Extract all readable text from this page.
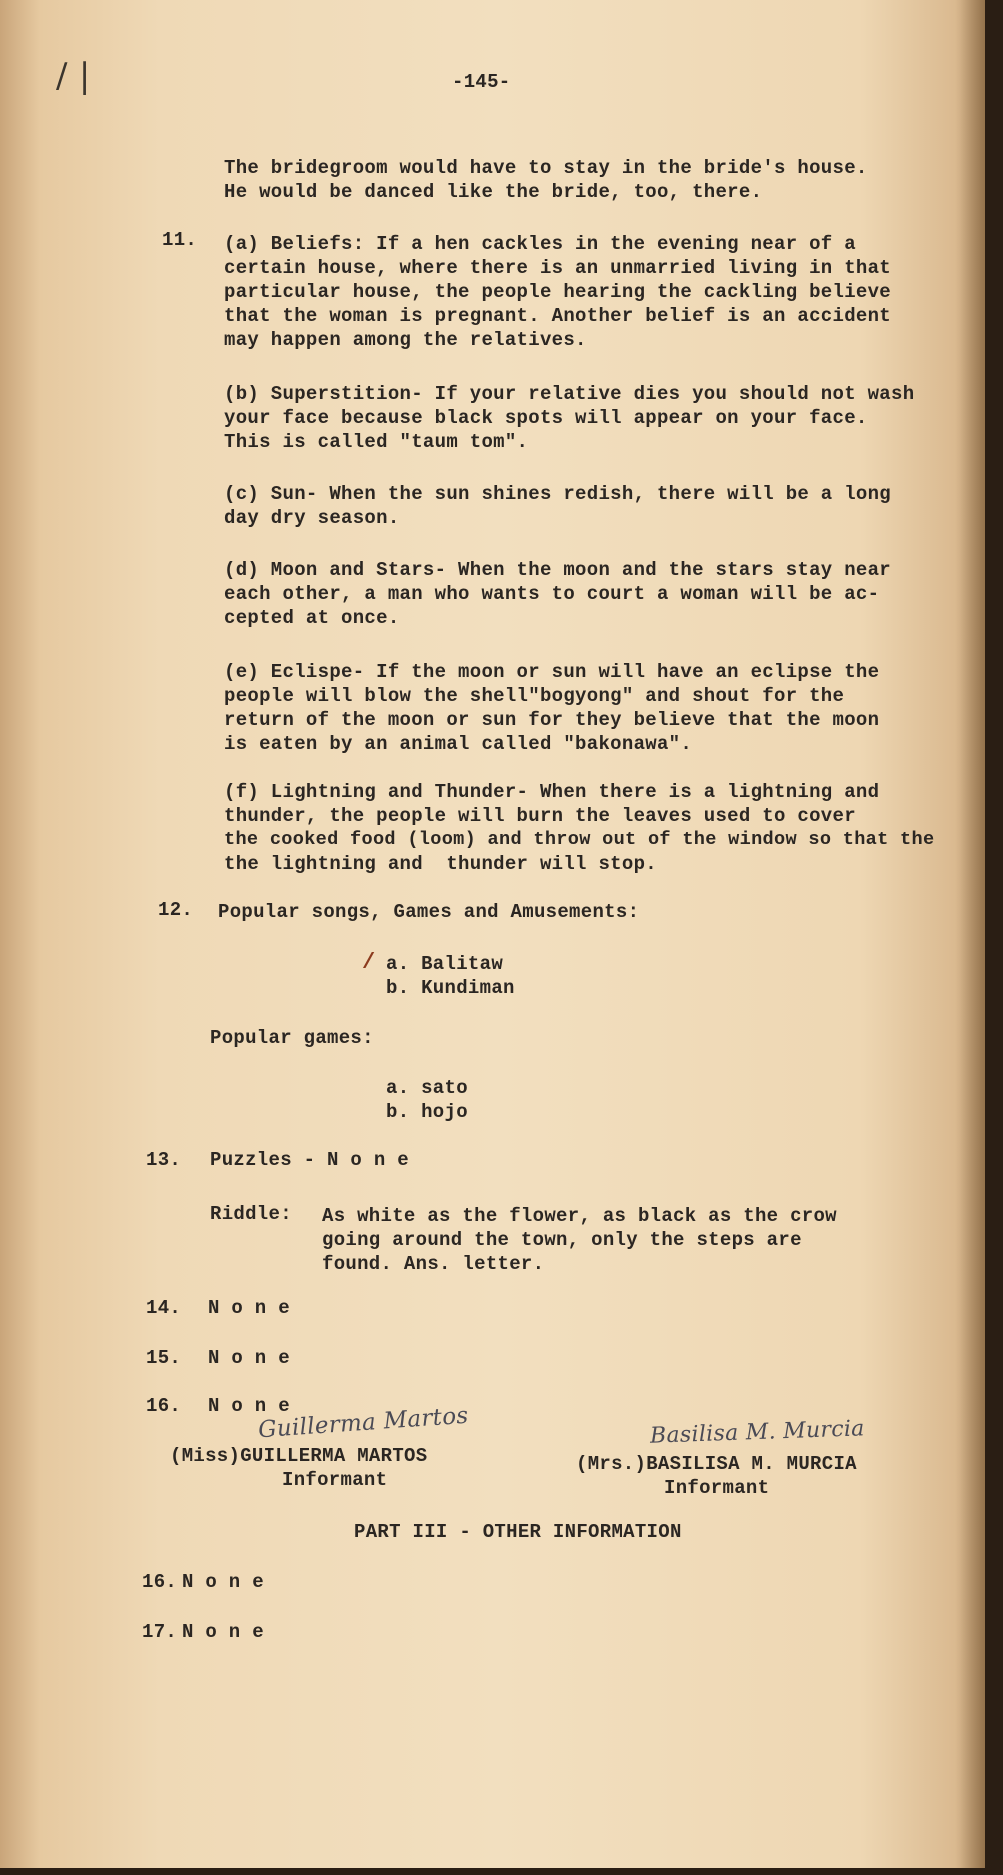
/ |	-145-
The bridegroom would have to stay in the bride's house.
He would be danced like the bride, too, there.
11. (a) Beliefs: If a hen cackles in the evening near of a
certain house, where there is an unmarried living in that
particular house, the people hearing the cackling believe
that the woman is pregnant. Another belief is an accident
may happen among the relatives.
(b) Superstition- If your relative dies you should not wash
your face because black spots will appear on your face.
This is called "taum tom".
(c) Sun- When the sun shines redish, there will be a long
day dry season.
(d) Moon and Stars- When the moon and the stars stay near
each other, a man who wants to court a woman will be ac-
cepted at once.
(e) Eclispe- If the moon or sun will have an eclipse the
people will blow the shell"bogyong" and shout for the
return of the moon or sun for they believe that the moon
is eaten by an animal called "bakonawa".
(f) Lightning and Thunder- When there is a lightning and
thunder, the people will burn the leaves used to cover
the cooked food (loom) and throw out of the window so that the
the lightning and  thunder will stop.
12. Popular songs, Games and Amusements:
/ a. Balitaw
b. Kundiman
Popular games:
a. sato
b. hojo
13. Puzzles - N o n e
Riddle: As white as the flower, as black as the crow
going around the town, only the steps are
found. Ans. letter.
14. N o n e
15. N o n e
16. N o n e
Guillerma Martos
(Miss)GUILLERMA MARTOS
Informant
Basilisa M. Murcia
(Mrs.)BASILISA M. MURCIA
Informant
PART III - OTHER INFORMATION
16. N o n e
17. N o n e
